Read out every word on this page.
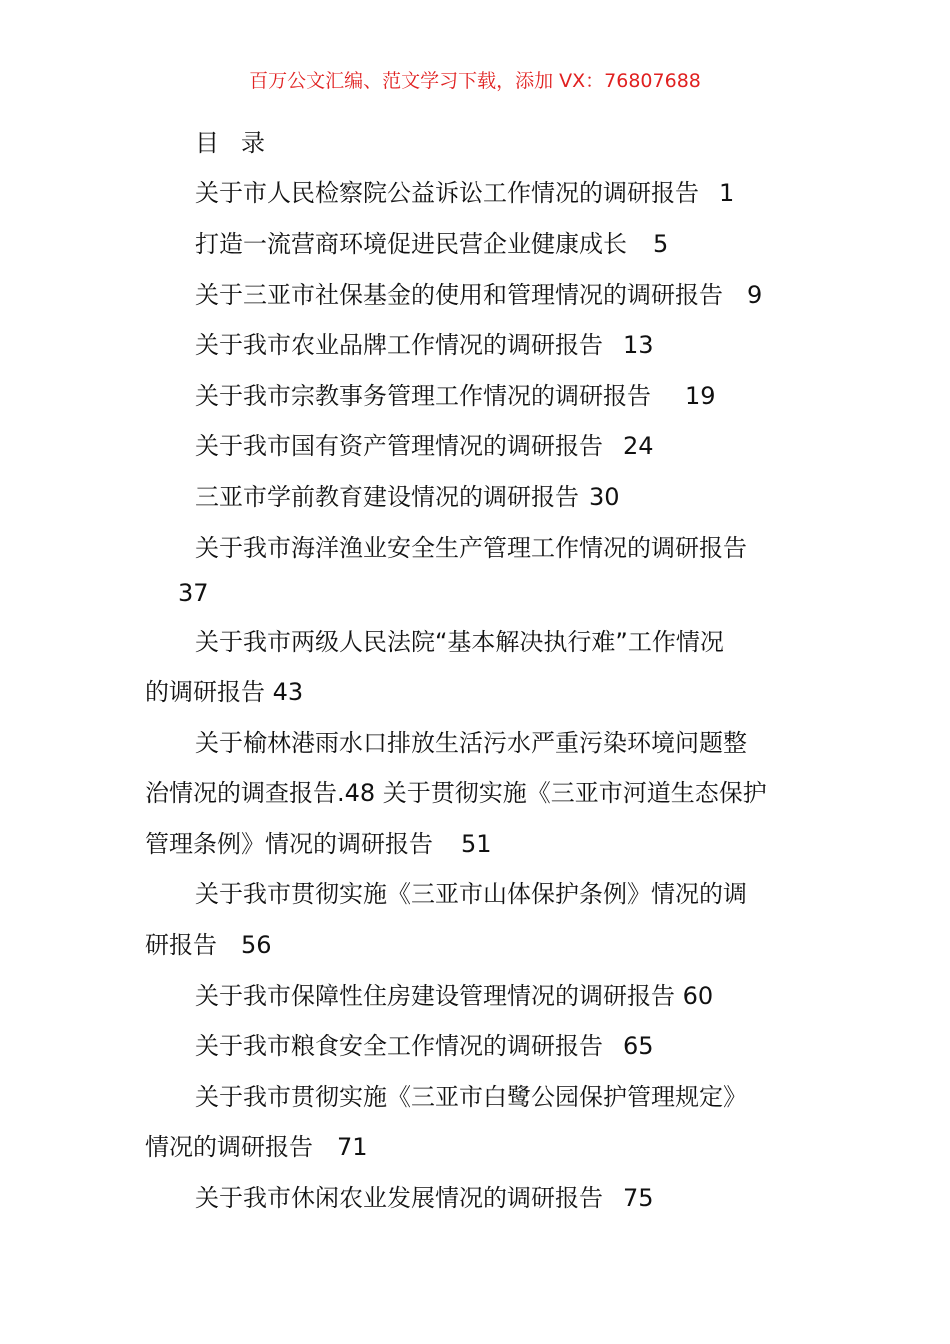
百万公文汇编、范文学习下载，添加 VX：76807688
目 录
关于市人民检察院公益诉讼工作情况的调研报告 1
打造一流营商环境促进民营企业健康成长 5
关于三亚市社保基金的使用和管理情况的调研报告 9
关于我市农业品牌工作情况的调研报告 13
关于我市宗教事务管理工作情况的调研报告 19
关于我市国有资产管理情况的调研报告 24
三亚市学前教育建设情况的调研报告 30
关于我市海洋渔业安全生产管理工作情况的调研报告
37
关于我市两级人民法院“基本解决执行难”工作情况
的调研报告 43
关于榆林港雨水口排放生活污水严重污染环境问题整
治情况的调查报告.48 关于贯彻实施《三亚市河道生态保护
管理条例》情况的调研报告 51
关于我市贯彻实施《三亚市山体保护条例》情况的调
研报告 56
关于我市保障性住房建设管理情况的调研报告 60
关于我市粮食安全工作情况的调研报告 65
关于我市贯彻实施《三亚市白鹭公园保护管理规定》
情况的调研报告 71
关于我市休闲农业发展情况的调研报告 75
